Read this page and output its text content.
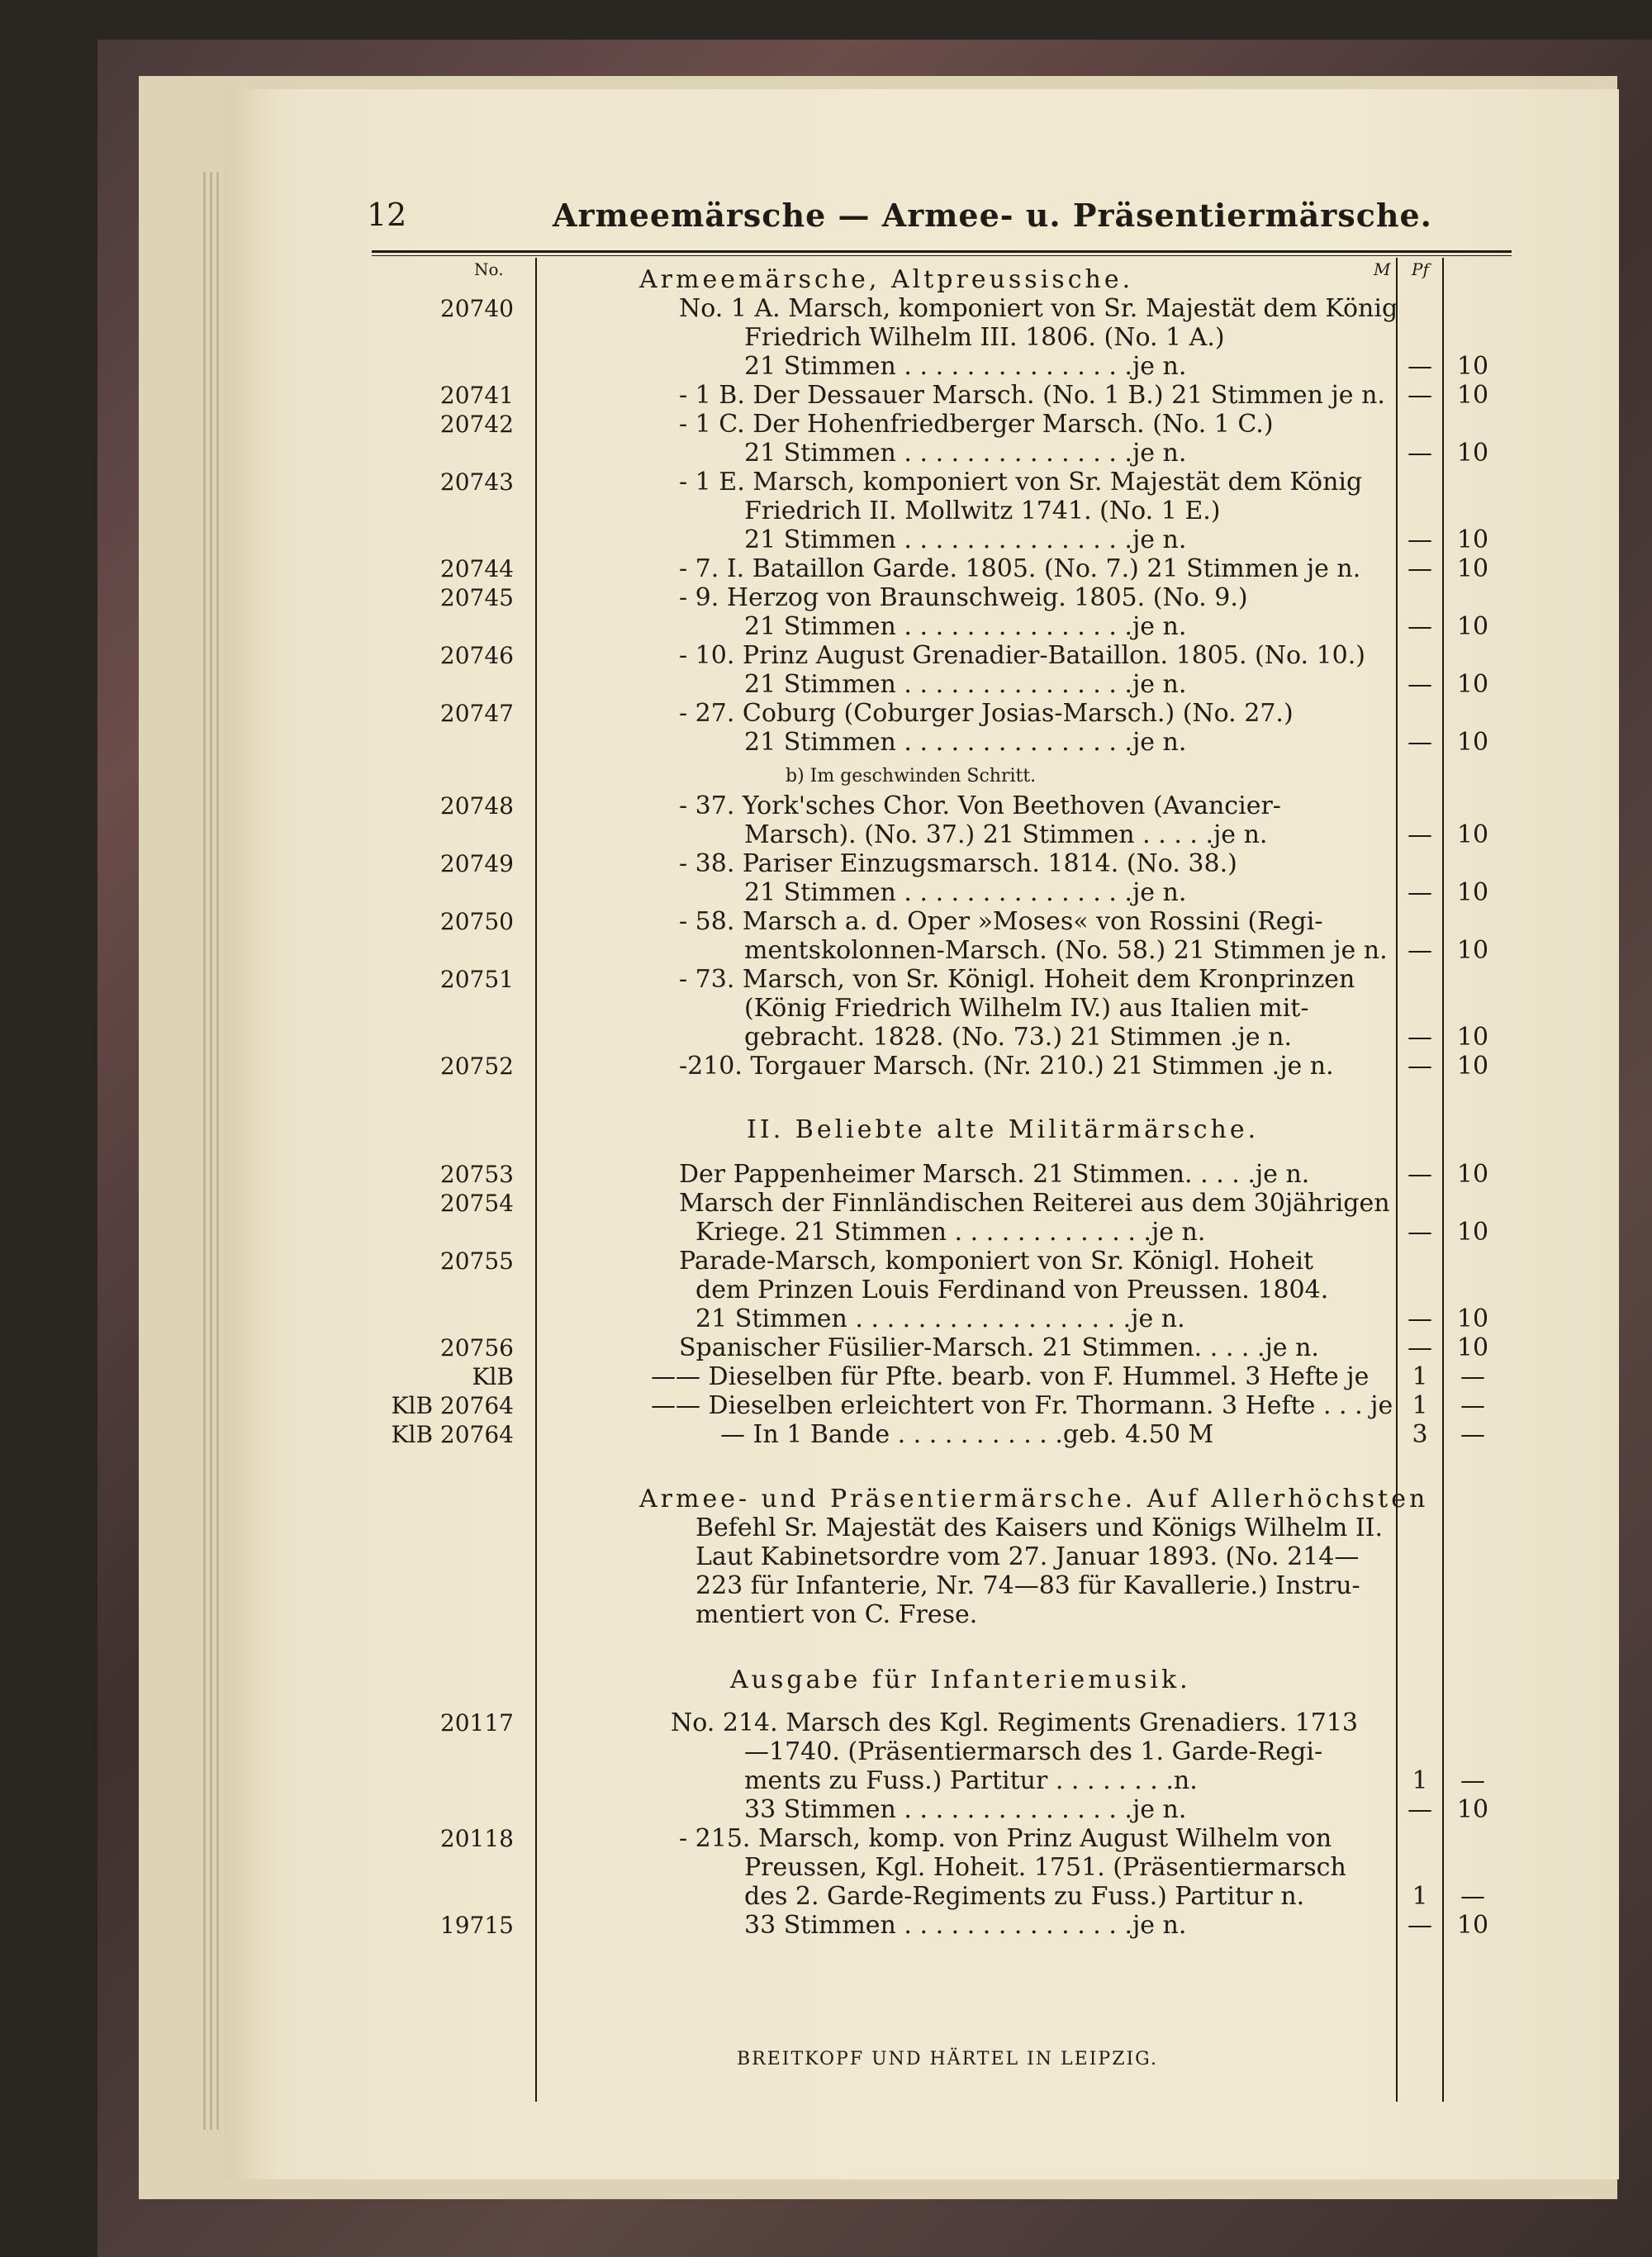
12	Armeemärsche — Armee- u. Präsentiermärsche.
No.	M Pf
Armeemärsche, Altpreussische.
20740	No. 1 A. Marsch, komponiert von Sr. Majestät dem König
Friedrich Wilhelm III. 1806. (No. 1 A.)
21 Stimmen . . . . . . . . . . . . . . .je n.	— 10
20741	- 1 B. Der Dessauer Marsch. (No. 1 B.) 21 Stimmen je n. — 10
20742	- 1 C. Der Hohenfriedberger Marsch. (No. 1 C.)
21 Stimmen . . . . . . . . . . . . . . .je n.	— 10
20743	- 1 E. Marsch, komponiert von Sr. Majestät dem König
Friedrich II. Mollwitz 1741. (No. 1 E.)
21 Stimmen . . . . . . . . . . . . . . .je n.	— 10
20744	- 7. I. Bataillon Garde. 1805. (No. 7.) 21 Stimmen je n.	— 10
20745	- 9. Herzog von Braunschweig. 1805. (No. 9.)
21 Stimmen . . . . . . . . . . . . . . .je n.	— 10
20746	- 10. Prinz August Grenadier-Bataillon. 1805. (No. 10.)
21 Stimmen . . . . . . . . . . . . . . .je n.	— 10
20747	- 27. Coburg (Coburger Josias-Marsch.) (No. 27.)
21 Stimmen . . . . . . . . . . . . . . .je n.	— 10
b) Im geschwinden Schritt.
20748	- 37. York'sches Chor. Von Beethoven (Avancier-
Marsch). (No. 37.) 21 Stimmen . . . . .je n.	— 10
20749	- 38. Pariser Einzugsmarsch. 1814. (No. 38.)
21 Stimmen . . . . . . . . . . . . . . .je n.	— 10
20750	- 58. Marsch a. d. Oper »Moses« von Rossini (Regi-
mentskolonnen-Marsch. (No. 58.) 21 Stimmen je n. — 10
20751	- 73. Marsch, von Sr. Königl. Hoheit dem Kronprinzen
(König Friedrich Wilhelm IV.) aus Italien mit-
gebracht. 1828. (No. 73.) 21 Stimmen .je n.	— 10
20752	-210. Torgauer Marsch. (Nr. 210.) 21 Stimmen .je n.	— 10
II. Beliebte alte Militärmärsche.
20753	Der Pappenheimer Marsch. 21 Stimmen. . . . .je n.	— 10
20754	Marsch der Finnländischen Reiterei aus dem 30jährigen
Kriege. 21 Stimmen . . . . . . . . . . . . .je n.	— 10
20755	Parade-Marsch, komponiert von Sr. Königl. Hoheit
dem Prinzen Louis Ferdinand von Preussen. 1804.
21 Stimmen . . . . . . . . . . . . . . . . . .je n.	— 10
20756	Spanischer Füsilier-Marsch. 21 Stimmen. . . . .je n.	— 10
KlB	—— Dieselben für Pfte. bearb. von F. Hummel. 3 Hefte je	1	—
KlB 20764	—— Dieselben erleichtert von Fr. Thormann. 3 Hefte . . . je 1	—
KlB 20764	— In 1 Bande . . . . . . . . . . .geb. 4.50 M	3	—
Armee- und Präsentiermärsche. Auf Allerhöchsten
Befehl Sr. Majestät des Kaisers und Königs Wilhelm II.
Laut Kabinetsordre vom 27. Januar 1893. (No. 214—
223 für Infanterie, Nr. 74—83 für Kavallerie.) Instru-
mentiert von C. Frese.
Ausgabe für Infanteriemusik.
20117	No. 214. Marsch des Kgl. Regiments Grenadiers. 1713
—1740. (Präsentiermarsch des 1. Garde-Regi-
ments zu Fuss.) Partitur . . . . . . . .n.	1	—
33 Stimmen . . . . . . . . . . . . . . .je n.	— 10
20118	- 215. Marsch, komp. von Prinz August Wilhelm von
Preussen, Kgl. Hoheit. 1751. (Präsentiermarsch
des 2. Garde-Regiments zu Fuss.) Partitur n.	1	—
19715	33 Stimmen . . . . . . . . . . . . . . .je n.	— 10
BREITKOPF UND HÄRTEL IN LEIPZIG.
